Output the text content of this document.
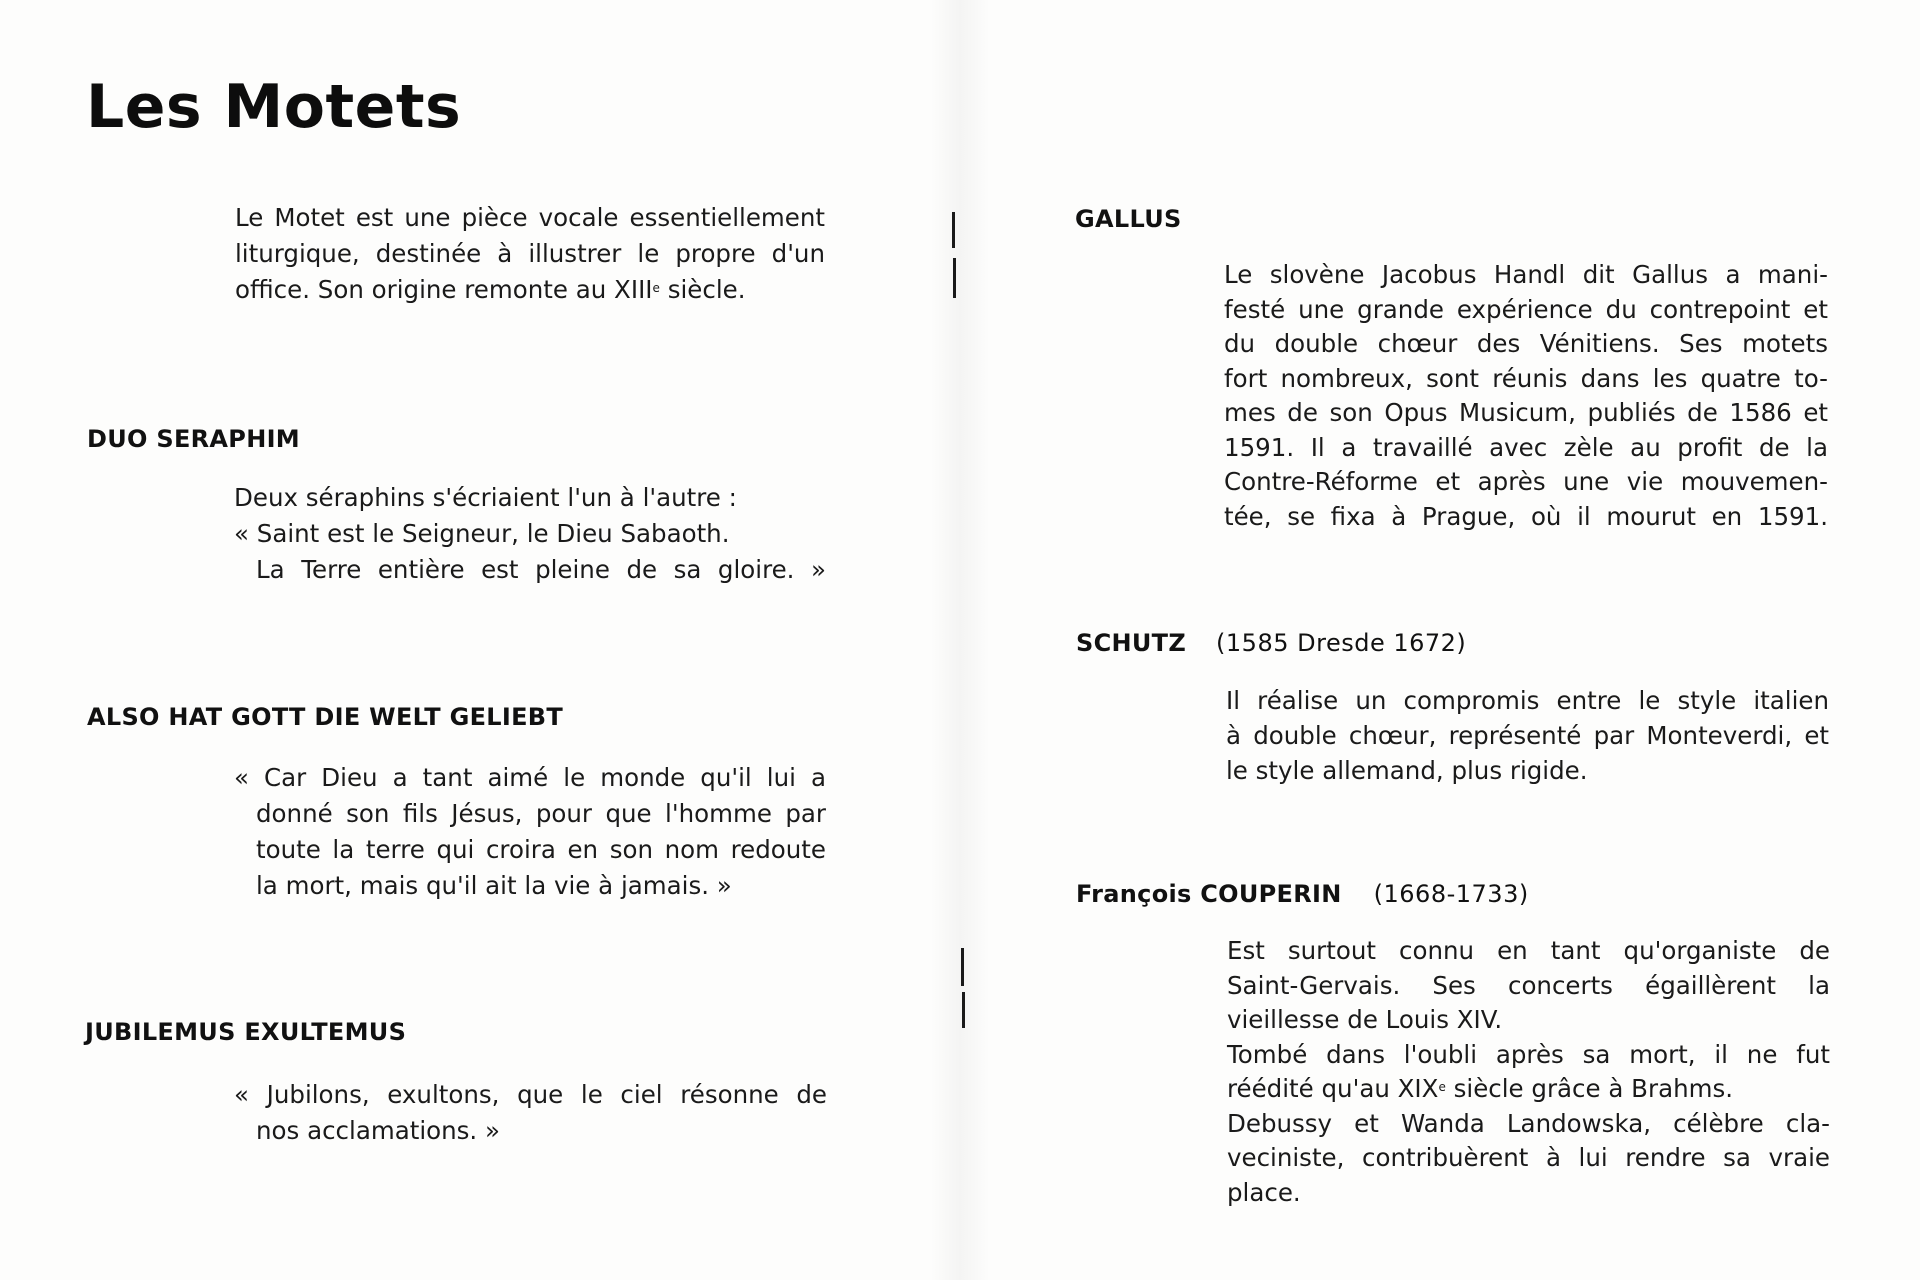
Les Motets

Le Motet est une pièce vocale essentiellement
liturgique, destinée à illustrer le propre d'un
office. Son origine remonte au XIIIe siècle.

DUO SERAPHIM

Deux séraphins s'écriaient l'un à l'autre :
« Saint est le Seigneur, le Dieu Sabaoth.
La Terre entière est pleine de sa gloire. »

ALSO HAT GOTT DIE WELT GELIEBT

« Car Dieu a tant aimé le monde qu'il lui a
donné son fils Jésus, pour que l'homme par
toute la terre qui croira en son nom redoute
la mort, mais qu'il ait la vie à jamais. »

JUBILEMUS EXULTEMUS

« Jubilons, exultons, que le ciel résonne de
nos acclamations. »

GALLUS

Le slovène Jacobus Handl dit Gallus a mani-
festé une grande expérience du contrepoint et
du double chœur des Vénitiens. Ses motets
fort nombreux, sont réunis dans les quatre to-
mes de son Opus Musicum, publiés de 1586 et
1591. Il a travaillé avec zèle au profit de la
Contre-Réforme et après une vie mouvemen-
tée, se fixa à Prague, où il mourut en 1591.

SCHUTZ (1585 Dresde 1672)

Il réalise un compromis entre le style italien
à double chœur, représenté par Monteverdi, et
le style allemand, plus rigide.

François COUPERIN (1668-1733)

Est surtout connu en tant qu'organiste de
Saint-Gervais. Ses concerts égaillèrent la
vieillesse de Louis XIV.
Tombé dans l'oubli après sa mort, il ne fut
réédité qu'au XIXe siècle grâce à Brahms.
Debussy et Wanda Landowska, célèbre cla-
veciniste, contribuèrent à lui rendre sa vraie
place.
